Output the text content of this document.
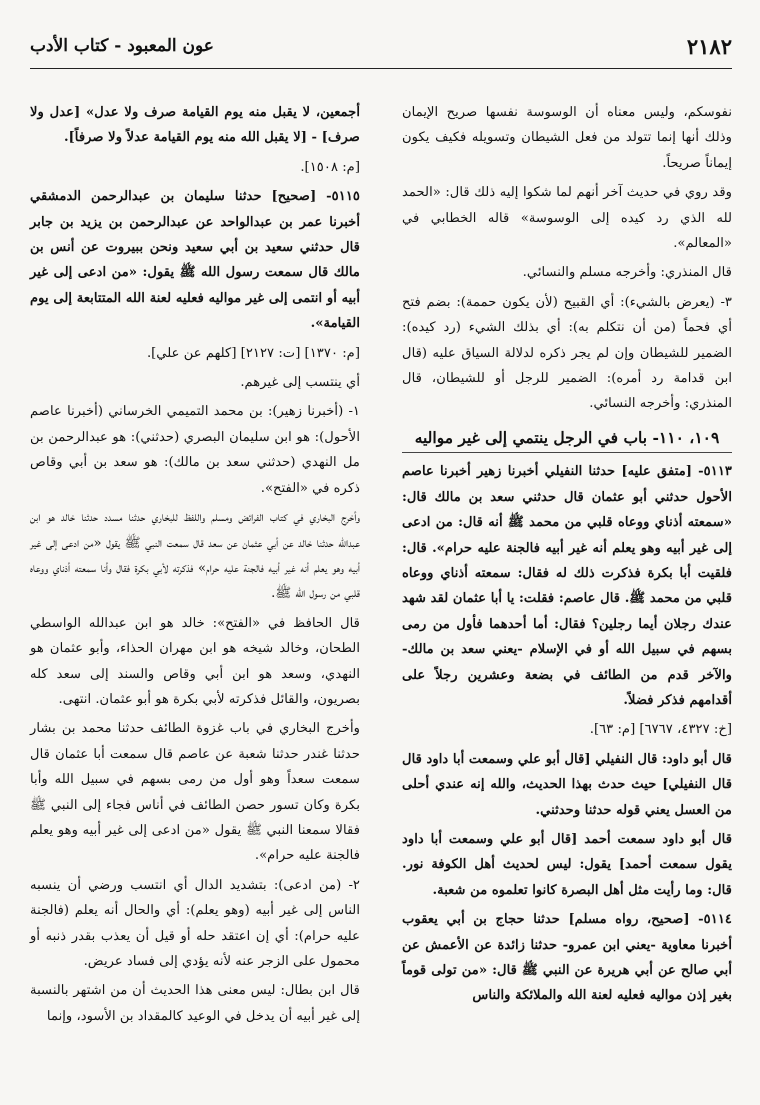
٢١٨٢
عون المعبود - كتاب الأدب

نفوسكم، وليس معناه أن الوسوسة نفسها صريح الإيمان وذلك أنها إنما تتولد من فعل الشيطان وتسويله فكيف يكون إيماناً صريحاً.

وقد روي في حديث آخر أنهم لما شكوا إليه ذلك قال: «الحمد لله الذي رد كيده إلى الوسوسة» قاله الخطابي في «المعالم».

قال المنذري: وأخرجه مسلم والنسائي.

٣- (يعرض بالشيء): أي القبيح (لأن يكون حممة): بضم فتح أي فحماً (من أن نتكلم به): أي بذلك الشيء (رد كيده): الضمير للشيطان وإن لم يجر ذكره لدلالة السياق عليه (قال ابن قدامة رد أمره): الضمير للرجل أو للشيطان، قال المنذري: وأخرجه النسائي.

١٠٩، ١١٠- باب في الرجل ينتمي إلى غير مواليه

٥١١٣- [متفق عليه] حدثنا النفيلي أخبرنا زهير أخبرنا عاصم الأحول حدثني أبو عثمان قال حدثني سعد بن مالك قال: «سمعته أذناي ووعاه قلبي من محمد ﷺ أنه قال: من ادعى إلى غير أبيه وهو يعلم أنه غير أبيه فالجنة عليه حرام». قال: فلقيت أبا بكرة فذكرت ذلك له فقال: سمعته أذناي ووعاه قلبي من محمد ﷺ. قال عاصم: فقلت: يا أبا عثمان لقد شهد عندك رجلان أيما رجلين؟ فقال: أما أحدهما فأول من رمى بسهم في سبيل الله أو في الإسلام -يعني سعد بن مالك- والآخر قدم من الطائف في بضعة وعشرين رجلاً على أقدامهم فذكر فضلاً.

[خ: ٤٣٢٧، ٦٧٦٧] [م: ٦٣].

قال أبو داود: قال النفيلي [قال أبو علي وسمعت أبا داود قال قال النفيلي] حيث حدث بهذا الحديث، والله إنه عندي أحلى من العسل يعني قوله حدثنا وحدثني.

قال أبو داود سمعت أحمد [قال أبو علي وسمعت أبا داود يقول سمعت أحمد] يقول: ليس لحديث أهل الكوفة نور. قال: وما رأيت مثل أهل البصرة كانوا تعلموه من شعبة.

٥١١٤- [صحيح، رواه مسلم] حدثنا حجاج بن أبي يعقوب أخبرنا معاوية -يعني ابن عمرو- حدثنا زائدة عن الأعمش عن أبي صالح عن أبي هريرة عن النبي ﷺ قال: «من تولى قوماً بغير إذن مواليه فعليه لعنة الله والملائكة والناس

أجمعين، لا يقبل منه يوم القيامة صرف ولا عدل» [عدل ولا صرف] - [لا يقبل الله منه يوم القيامة عدلاً ولا صرفاً].

[م: ١٥٠٨].

٥١١٥- [صحيح] حدثنا سليمان بن عبدالرحمن الدمشقي أخبرنا عمر بن عبدالواحد عن عبدالرحمن بن يزيد بن جابر قال حدثني سعيد بن أبي سعيد ونحن ببيروت عن أنس بن مالك قال سمعت رسول الله ﷺ يقول: «من ادعى إلى غير أبيه أو انتمى إلى غير مواليه فعليه لعنة الله المتتابعة إلى يوم القيامة».

[م: ١٣٧٠] [ت: ٢١٢٧] [كلهم عن علي].

أي ينتسب إلى غيرهم.

١- (أخبرنا زهير): بن محمد التميمي الخرساني (أخبرنا عاصم الأحول): هو ابن سليمان البصري (حدثني): هو عبدالرحمن بن مل النهدي (حدثني سعد بن مالك): هو سعد بن أبي وقاص ذكره في «الفتح».

وأخرج البخاري في كتاب الفرائض ومسلم واللفظ للبخاري حدثنا مسدد حدثنا خالد هو ابن عبدالله حدثنا خالد عن أبي عثمان عن سعد قال سمعت النبي ﷺ يقول «من ادعى إلى غير أبيه وهو يعلم أنه غير أبيه فالجنة عليه حرام» فذكرته لأبي بكرة فقال وأنا سمعته أذناي ووعاه قلبي من رسول الله ﷺ.

قال الحافظ في «الفتح»: خالد هو ابن عبدالله الواسطي الطحان، وخالد شيخه هو ابن مهران الحذاء، وأبو عثمان هو النهدي، وسعد هو ابن أبي وقاص والسند إلى سعد كله بصريون، والقائل فذكرته لأبي بكرة هو أبو عثمان. انتهى.

وأخرج البخاري في باب غزوة الطائف حدثنا محمد بن بشار حدثنا غندر حدثنا شعبة عن عاصم قال سمعت أبا عثمان قال سمعت سعداً وهو أول من رمى بسهم في سبيل الله وأبا بكرة وكان تسور حصن الطائف في أناس فجاء إلى النبي ﷺ فقالا سمعنا النبي ﷺ يقول «من ادعى إلى غير أبيه وهو يعلم فالجنة عليه حرام».

٢- (من ادعى): بتشديد الدال أي انتسب ورضي أن ينسبه الناس إلى غير أبيه (وهو يعلم): أي والحال أنه يعلم (فالجنة عليه حرام): أي إن اعتقد حله أو قيل أن يعذب بقدر ذنبه أو محمول على الزجر عنه لأنه يؤدي إلى فساد عريض.

قال ابن بطال: ليس معنى هذا الحديث أن من اشتهر بالنسبة إلى غير أبيه أن يدخل في الوعيد كالمقداد بن الأسود، وإنما
